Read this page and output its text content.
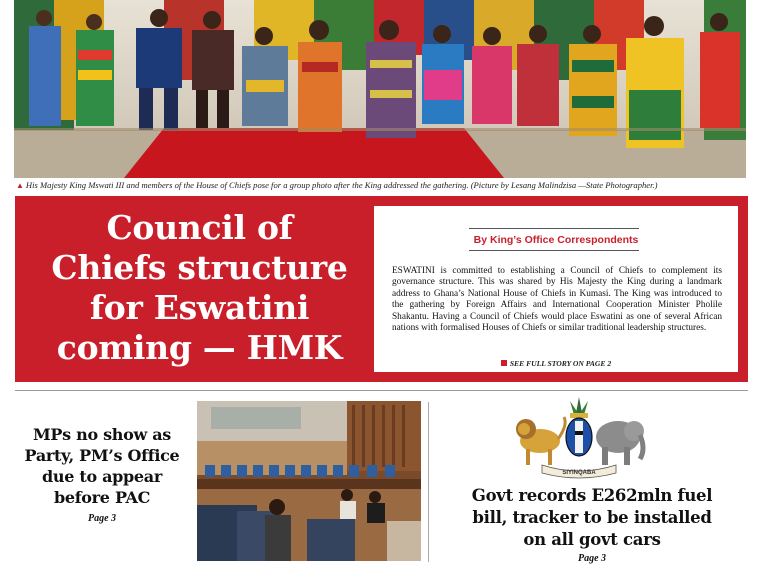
▲ His Majesty King Mswati III and members of the House of Chiefs pose for a group photo after the King addressed the gathering. (Picture by Lesang Malindzisa —State Photographer.)
Council of
Chiefs structure
for Eswatini
coming — HMK
By King’s Office Correspondents

ESWATINI is committed to establishing a Council of Chiefs to complement its governance structure. This was shared by His Majesty the King during a landmark address to Ghana’s National House of Chiefs in Kumasi. The King was introduced to the gathering by Foreign Affairs and International Cooperation Minister Pholile Shakantu. Having a Council of Chiefs would place Eswatini as one of several African nations with formalised Houses of Chiefs or similar traditional leadership structures.

SEE FULL STORY ON PAGE 2
MPs no show as
Party, PM’s Office
due to appear
before PAC
Page 3
SIYINQABA
Govt records E262mln fuel
bill, tracker to be installed
on all govt cars
Page 3
